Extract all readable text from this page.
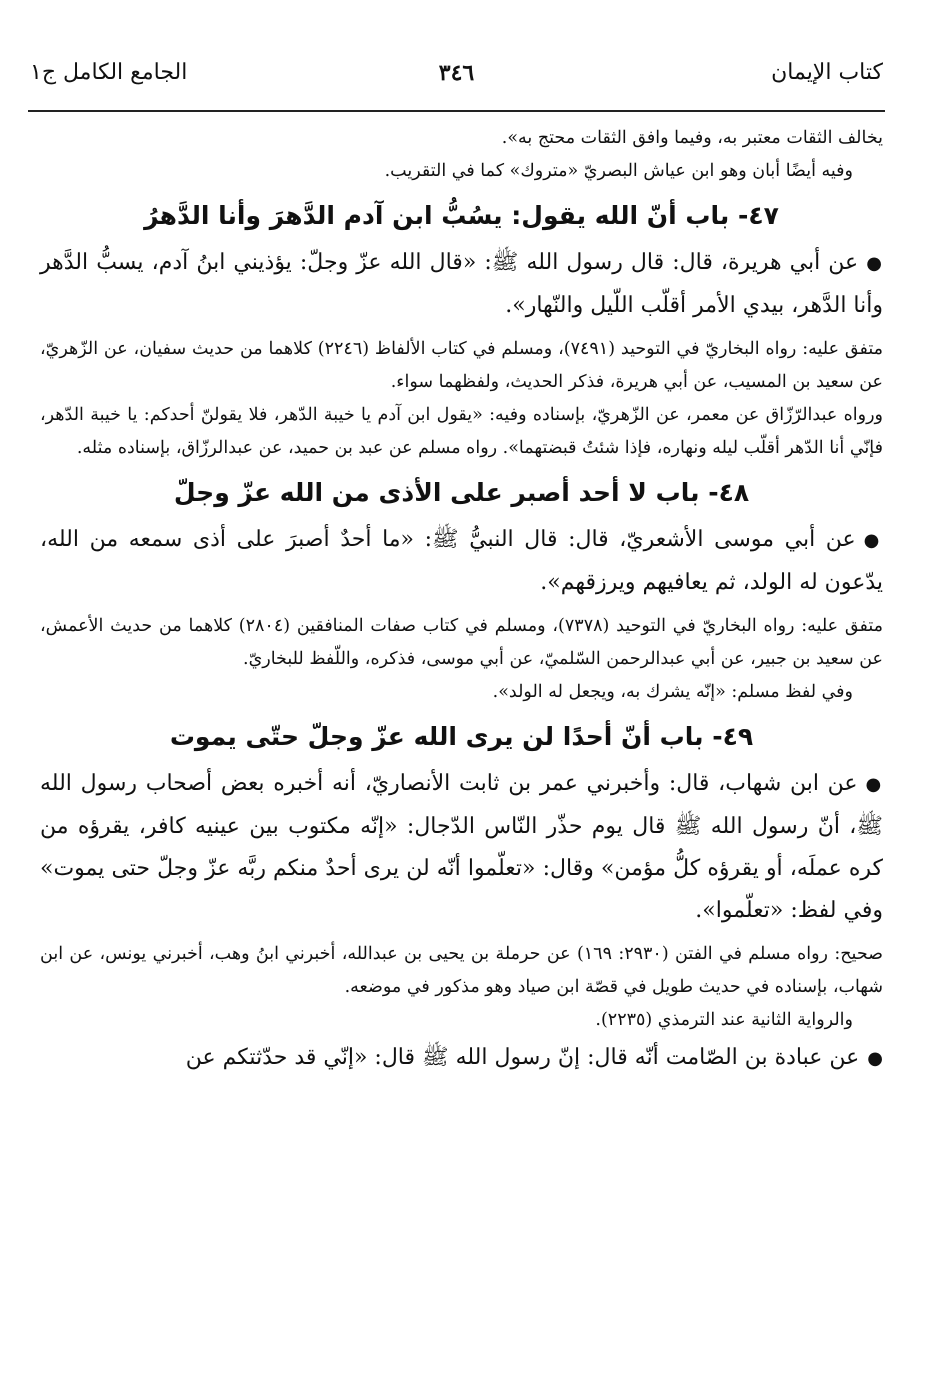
كتاب الإيمان
٣٤٦
الجامع الكامل ج١

يخالف الثقات معتبر به، وفيما وافق الثقات محتج به».

وفيه أيضًا أبان وهو ابن عياش البصريّ «متروك» كما في التقريب.

٤٧- باب أنّ الله يقول: يسُبُّ ابن آدم الدَّهرَ وأنا الدَّهرُ

●عن أبي هريرة، قال: قال رسول الله ﷺ: «قال الله عزّ وجلّ: يؤذيني ابنُ آدم، يسبُّ الدَّهر وأنا الدَّهر، بيدي الأمر أقلّب اللّيل والنّهار».

متفق عليه: رواه البخاريّ في التوحيد (٧٤٩١)، ومسلم في كتاب الألفاظ (٢٢٤٦) كلاهما من حديث سفيان، عن الزّهريّ، عن سعيد بن المسيب، عن أبي هريرة، فذكر الحديث، ولفظهما سواء.

ورواه عبدالرّزّاق عن معمر، عن الزّهريّ، بإسناده وفيه: «يقول ابن آدم يا خيبة الدّهر، فلا يقولنّ أحدكم: يا خيبة الدّهر، فإنّي أنا الدّهر أقلّب ليله ونهاره، فإذا شئتُ قبضتهما». رواه مسلم عن عبد بن حميد، عن عبدالرزّاق، بإسناده مثله.

٤٨- باب لا أحد أصبر على الأذى من الله عزّ وجلّ

●عن أبي موسى الأشعريّ، قال: قال النبيُّ ﷺ: «ما أحدٌ أصبرَ على أذى سمعه من الله، يدّعون له الولد، ثم يعافيهم ويرزقهم».

متفق عليه: رواه البخاريّ في التوحيد (٧٣٧٨)، ومسلم في كتاب صفات المنافقين (٢٨٠٤) كلاهما من حديث الأعمش، عن سعيد بن جبير، عن أبي عبدالرحمن السّلميّ، عن أبي موسى، فذكره، واللّفظ للبخاريّ.

وفي لفظ مسلم: «إنّه يشرك به، ويجعل له الولد».

٤٩- باب أنّ أحدًا لن يرى الله عزّ وجلّ حتّى يموت

●عن ابن شهاب، قال: وأخبرني عمر بن ثابت الأنصاريّ، أنه أخبره بعض أصحاب رسول الله ﷺ، أنّ رسول الله ﷺ قال يوم حذّر النّاس الدّجال: «إنّه مكتوب بين عينيه كافر، يقرؤه من كره عملَه، أو يقرؤه كلُّ مؤمن» وقال: «تعلّموا أنّه لن يرى أحدٌ منكم ربَّه عزّ وجلّ حتى يموت» وفي لفظ: «تعلّموا».

صحيح: رواه مسلم في الفتن (٢٩٣٠: ١٦٩) عن حرملة بن يحيى بن عبدالله، أخبرني ابنُ وهب، أخبرني يونس، عن ابن شهاب، بإسناده في حديث طويل في قصّة ابن صياد وهو مذكور في موضعه.

والرواية الثانية عند الترمذي (٢٢٣٥).

●عن عبادة بن الصّامت أنّه قال: إنّ رسول الله ﷺ قال: «إنّي قد حدّثتكم عن
